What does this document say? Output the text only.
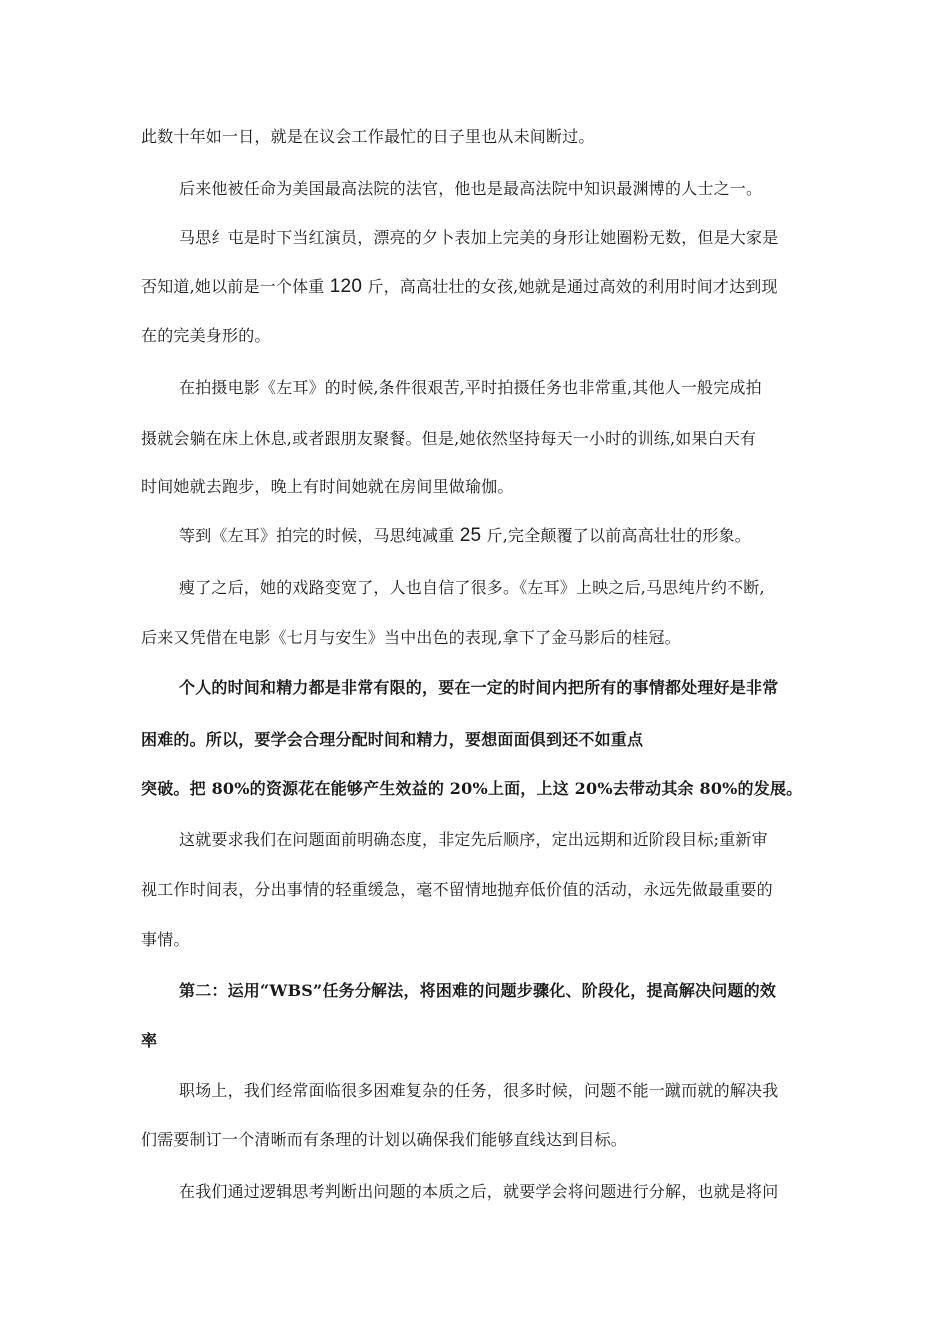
此数十年如一日，就是在议会工作最忙的日子里也从未间断过。
后来他被任命为美国最高法院的法官，他也是最高法院中知识最渊博的人士之一。
马思纟屯是时下当红演员，漂亮的夕卜表加上完美的身形让她圈粉无数，但是大家是
否知道,她以前是一个体重 120 斤，高高壮壮的女孩,她就是通过高效的利用时间才达到现
在的完美身形的。
在拍摄电影《左耳》的时候,条件很艰苦,平时拍摄任务也非常重,其他人一般完成拍
摄就会躺在床上休息,或者跟朋友聚餐。但是,她依然坚持每天一小时的训练,如果白天有
时间她就去跑步，晚上有时间她就在房间里做瑜伽。
等到《左耳》拍完的时候，马思纯减重 25 斤,完全颠覆了以前高高壮壮的形象。
瘦了之后，她的戏路变宽了，人也自信了很多。《左耳》上映之后,马思纯片约不断,
后来又凭借在电影《七月与安生》当中出色的表现,拿下了金马影后的桂冠。
个人的时间和精力都是非常有限的，要在一定的时间内把所有的事情都处理好是非常
困难的。所以，要学会合理分配时间和精力，要想面面俱到还不如重点
突破。把 80%的资源花在能够产生效益的 20%上面，上这 20%去带动其余 80%的发展。
这就要求我们在问题面前明确态度，非定先后顺序，定出远期和近阶段目标;重新审
视工作时间表，分出事情的轻重缓急，毫不留情地抛弃低价值的活动，永远先做最重要的
事情。
第二：运用“WBS”任务分解法，将困难的问题步骤化、阶段化，提高解决问题的效
率
职场上，我们经常面临很多困难复杂的任务，很多时候，问题不能一蹴而就的解决我
们需要制订一个清晰而有条理的计划以确保我们能够直线达到目标。
在我们通过逻辑思考判断出问题的本质之后，就要学会将问题进行分解，也就是将问
